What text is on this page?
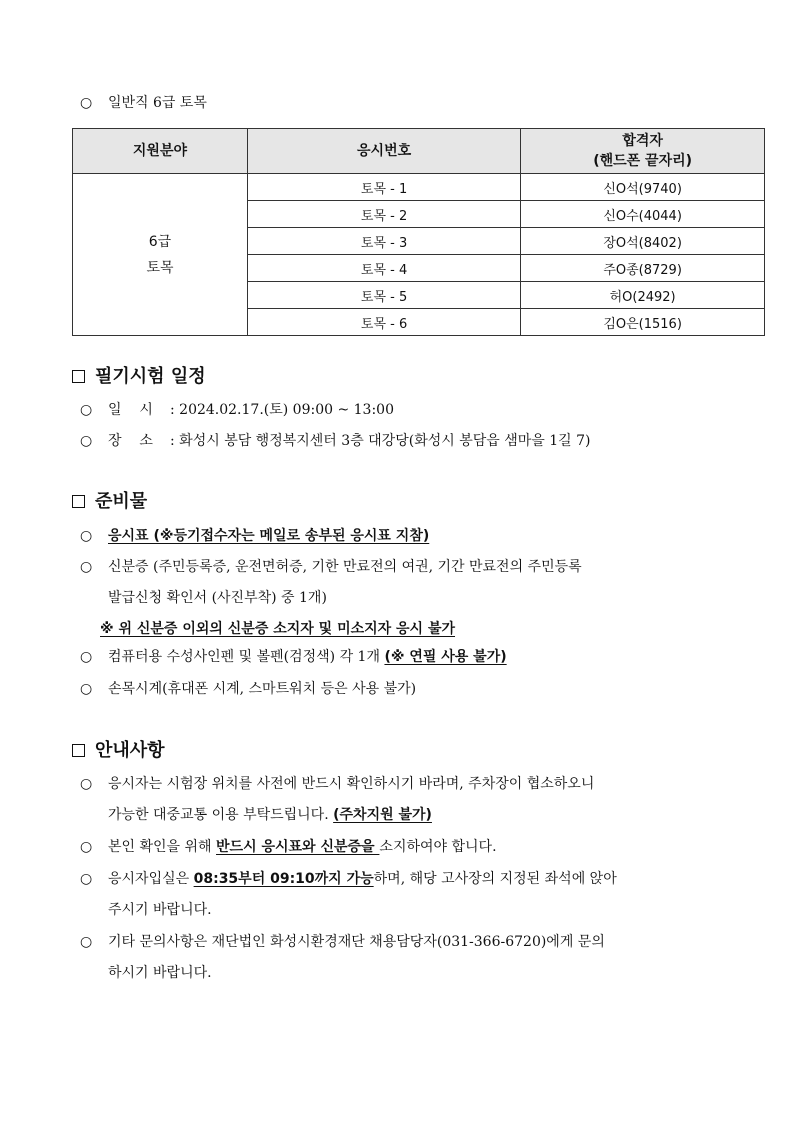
○ 일반직 6급 토목
지원분야	응시번호	합격자
(핸드폰 끝자리)

6급
토목	토목 - 1	신O석(9740)
	토목 - 2	신O수(4044)
	토목 - 3	장O석(8402)
	토목 - 4	주O종(8729)
	토목 - 5	허O(2492)
	토목 - 6	김O은(1516)
필기시험 일정
○ 일    시 : 2024.02.17.(토) 09:00 ~ 13:00
○ 장    소 : 화성시 봉담 행정복지센터 3층 대강당(화성시 봉담읍 샘마을 1길 7)
준비물
○ 응시표 (※등기접수자는 메일로 송부된 응시표 지참)
○ 신분증 (주민등록증, 운전면허증, 기한 만료전의 여권, 기간 만료전의 주민등록
발급신청 확인서 (사진부착) 중 1개)
※ 위 신분증 이외의 신분증 소지자 및 미소지자 응시 불가
○ 컴퓨터용 수성사인펜 및 볼펜(검정색) 각 1개 (※ 연필 사용 불가)
○ 손목시계(휴대폰 시계, 스마트워치 등은 사용 불가)
안내사항
○ 응시자는 시험장 위치를 사전에 반드시 확인하시기 바라며, 주차장이 협소하오니
가능한 대중교통 이용 부탁드립니다. (주차지원 불가)
○ 본인 확인을 위해 반드시 응시표와 신분증을 소지하여야 합니다.
○ 응시자입실은 08:35부터 09:10까지 가능하며, 해당 고사장의 지정된 좌석에 앉아
주시기 바랍니다.
○ 기타 문의사항은 재단법인 화성시환경재단 채용담당자(031-366-6720)에게 문의
하시기 바랍니다.
